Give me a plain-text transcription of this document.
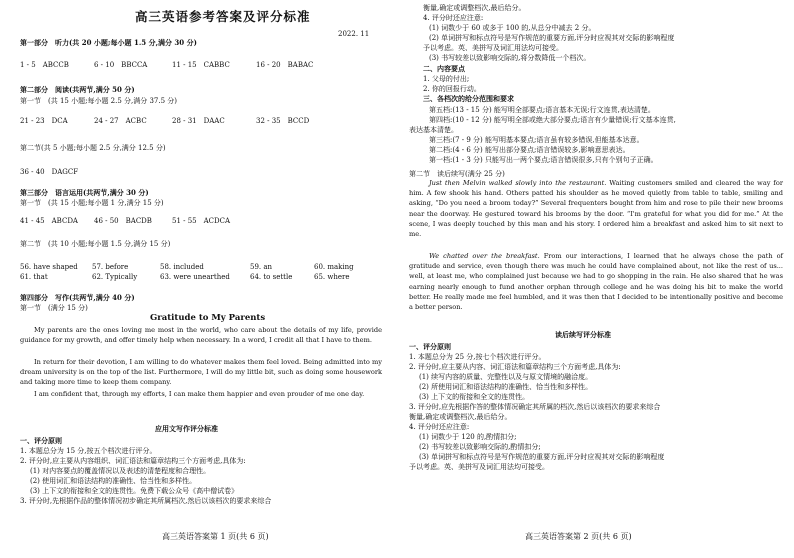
高三英语参考答案及评分标准
2022. 11
第一部分　听力(共 20 小题;每小题 1.5 分,满分 30 分)
1 - 5　ABCCB	6 - 10　BBCCA	11 - 15　CABBC	16 - 20　BABAC
第二部分　阅读(共两节,满分 50 分)
第一节　(共 15 小题;每小题 2.5 分,满分 37.5 分)
21 - 23　DCA	24 - 27　ACBC	28 - 31　DAAC	32 - 35　BCCD
第二节(共 5 小题;每小题 2.5 分,满分 12.5 分)
36 - 40　DAGCF
第三部分　语言运用(共两节,满分 30 分)
第一节　(共 15 小题;每小题 1 分,满分 15 分)
41 - 45　ABCDA 46 - 50　BACDB	51 - 55　ACDCA
第二节　(共 10 小题;每小题 1.5 分,满分 15 分)
56. have shaped 57. before	58. included	59. an	60. making
61. that	62. Typically	63. were unearthed	64. to settle	65. where
第四部分　写作(共两节,满分 40 分)
第一节　(满分 15 分)
Gratitude to My Parents
My parents are the ones loving me most in the world, who care about the details of my life, provide guidance for my growth, and offer timely help when necessary. In a word, I credit all that I have to them.
In return for their devotion, I am willing to do whatever makes them feel loved. Being admitted into my dream university is on the top of the list. Furthermore, I will do my little bit, such as doing some housework and taking more time to keep them company.
I am confident that, through my efforts, I can make them happier and even prouder of me one day.
应用文写作评分标准
一、评分原则
1. 本题总分为 15 分,按五个档次进行评分。
2. 评分时,应主要从内容组织、词汇语法和篇章结构三个方面考虑,具体为:
(1) 对内容要点的覆盖情况以及表述的清楚程度和合理性。
(2) 使用词汇和语法结构的准确性、恰当性和多样性。
(3) 上下文的衔接和全文的连贯性。免费下载公众号《高中僧试卷》
3. 评分时,先根据作品的整体情况初步确定其所属档次,然后以该档次的要求来综合
高三英语答案第 1 页(共 6 页)
衡量,确定或调整档次,最后给分。
4. 评分时还应注意:
(1) 词数少于 60 或多于 100 的,从总分中减去 2 分。
(2) 单词拼写和标点符号是写作规范的重要方面,评分时应视其对交际的影响程度
予以考虑。英、美拼写及词汇用法均可接受。
(3) 书写较差以致影响交际的,将分数降低一个档次。
二、内容要点
1. 父母的付出;
2. 你的回报行动。
三、各档次的给分范围和要求
第五档:(13 - 15 分) 能写明全部要点;语言基本无误;行文连贯,表达清楚。
第四档:(10 - 12 分) 能写明全部或绝大部分要点;语言有少量错误;行文基本连贯,
表达基本清楚。
第三档:(7 - 9 分) 能写明基本要点;语言虽有较多错误,但能基本达意。
第二档:(4 - 6 分) 能写出部分要点;语言错误较多,影响意思表达。
第一档:(1 - 3 分) 只能写出一两个要点;语言错误很多,只有个别句子正确。
第二节　读后续写(满分 25 分)
Just then Melvin walked slowly into the restaurant. Waiting customers smiled and cleared the way for him. A few shook his hand. Others patted his shoulder as he moved quietly from table to table, smiling and asking, “Do you need a broom today?” Several frequenters bought from him and rose to pile their new brooms near the doorway. He gestured toward his brooms by the door. “I'm grateful for what you did for me.” At the scene, I was deeply touched by this man and his story. I ordered him a breakfast and asked him to sit next to me.
We chatted over the breakfast. From our interactions, I learned that he always chose the path of gratitude and service, even though there was much he could have complained about, not like the rest of us... well, at least me, who complained just because we had to go shopping in the rain. He also shared that he was earning nearly enough to fund another orphan through college and he was doing his bit to make the world better. He really made me feel humbled, and it was then that I decided to be intentionally positive and become a better person.
读后续写评分标准
一、评分原则
1. 本题总分为 25 分,按七个档次进行评分。
2. 评分时,应主要从内容、词汇语法和篇章结构三个方面考虑,具体为:
(1) 续写内容的质量、完整性以及与原文情境的融洽度。
(2) 所使用词汇和语法结构的准确性、恰当性和多样性。
(3) 上下文的衔接和全文的连贯性。
3. 评分时,应先根据作答的整体情况确定其所属的档次,然后以该档次的要求来综合
衡量,确定或调整档次,最后给分。
4. 评分时还应注意:
(1) 词数少于 120 的,酌情扣分;
(2) 书写较差以致影响交际的,酌情扣分;
(3) 单词拼写和标点符号是写作规范的重要方面,评分时应视其对交际的影响程度
予以考虑。英、美拼写及词汇用法均可接受。
高三英语答案第 2 页(共 6 页)
